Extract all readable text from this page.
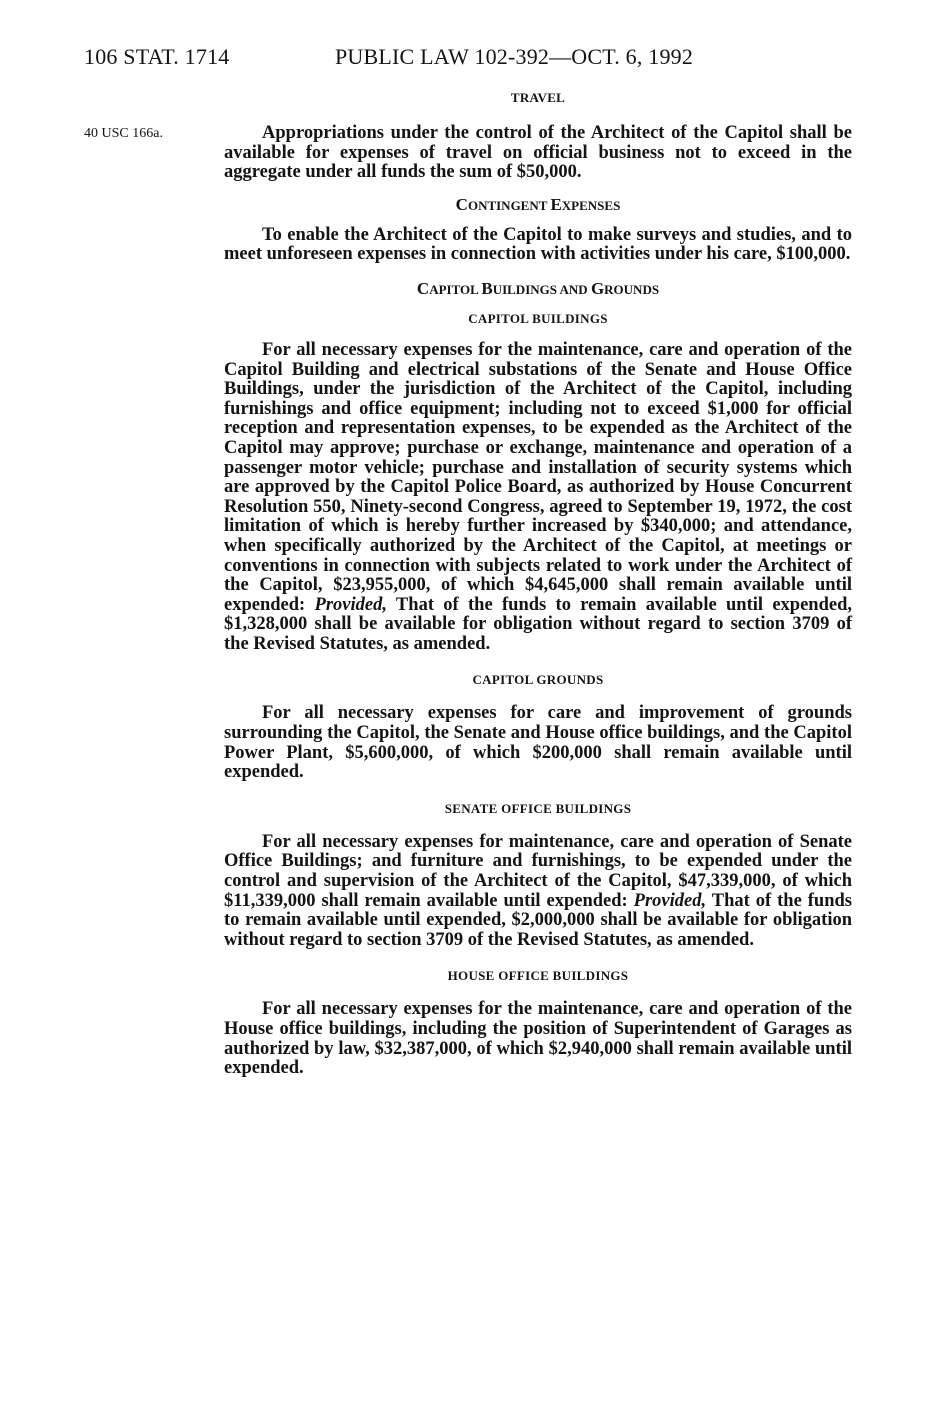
106 STAT. 1714	PUBLIC LAW 102-392—OCT. 6, 1992
40 USC 166a.
TRAVEL

Appropriations under the control of the Architect of the Capitol shall be available for expenses of travel on official business not to exceed in the aggregate under all funds the sum of $50,000.

CONTINGENT EXPENSES

To enable the Architect of the Capitol to make surveys and studies, and to meet unforeseen expenses in connection with activities under his care, $100,000.

CAPITOL BUILDINGS AND GROUNDS
CAPITOL BUILDINGS

For all necessary expenses for the maintenance, care and operation of the Capitol Building and electrical substations of the Senate and House Office Buildings, under the jurisdiction of the Architect of the Capitol, including furnishings and office equipment; including not to exceed $1,000 for official reception and representation expenses, to be expended as the Architect of the Capitol may approve; purchase or exchange, maintenance and operation of a passenger motor vehicle; purchase and installation of security systems which are approved by the Capitol Police Board, as authorized by House Concurrent Resolution 550, Ninety-second Congress, agreed to September 19, 1972, the cost limitation of which is hereby further increased by $340,000; and attendance, when specifically authorized by the Architect of the Capitol, at meetings or conventions in connection with subjects related to work under the Architect of the Capitol, $23,955,000, of which $4,645,000 shall remain available until expended: Provided, That of the funds to remain available until expended, $1,328,000 shall be available for obligation without regard to section 3709 of the Revised Statutes, as amended.

CAPITOL GROUNDS

For all necessary expenses for care and improvement of grounds surrounding the Capitol, the Senate and House office buildings, and the Capitol Power Plant, $5,600,000, of which $200,000 shall remain available until expended.

SENATE OFFICE BUILDINGS

For all necessary expenses for maintenance, care and operation of Senate Office Buildings; and furniture and furnishings, to be expended under the control and supervision of the Architect of the Capitol, $47,339,000, of which $11,339,000 shall remain available until expended: Provided, That of the funds to remain available until expended, $2,000,000 shall be available for obligation without regard to section 3709 of the Revised Statutes, as amended.

HOUSE OFFICE BUILDINGS

For all necessary expenses for the maintenance, care and operation of the House office buildings, including the position of Superintendent of Garages as authorized by law, $32,387,000, of which $2,940,000 shall remain available until expended.
